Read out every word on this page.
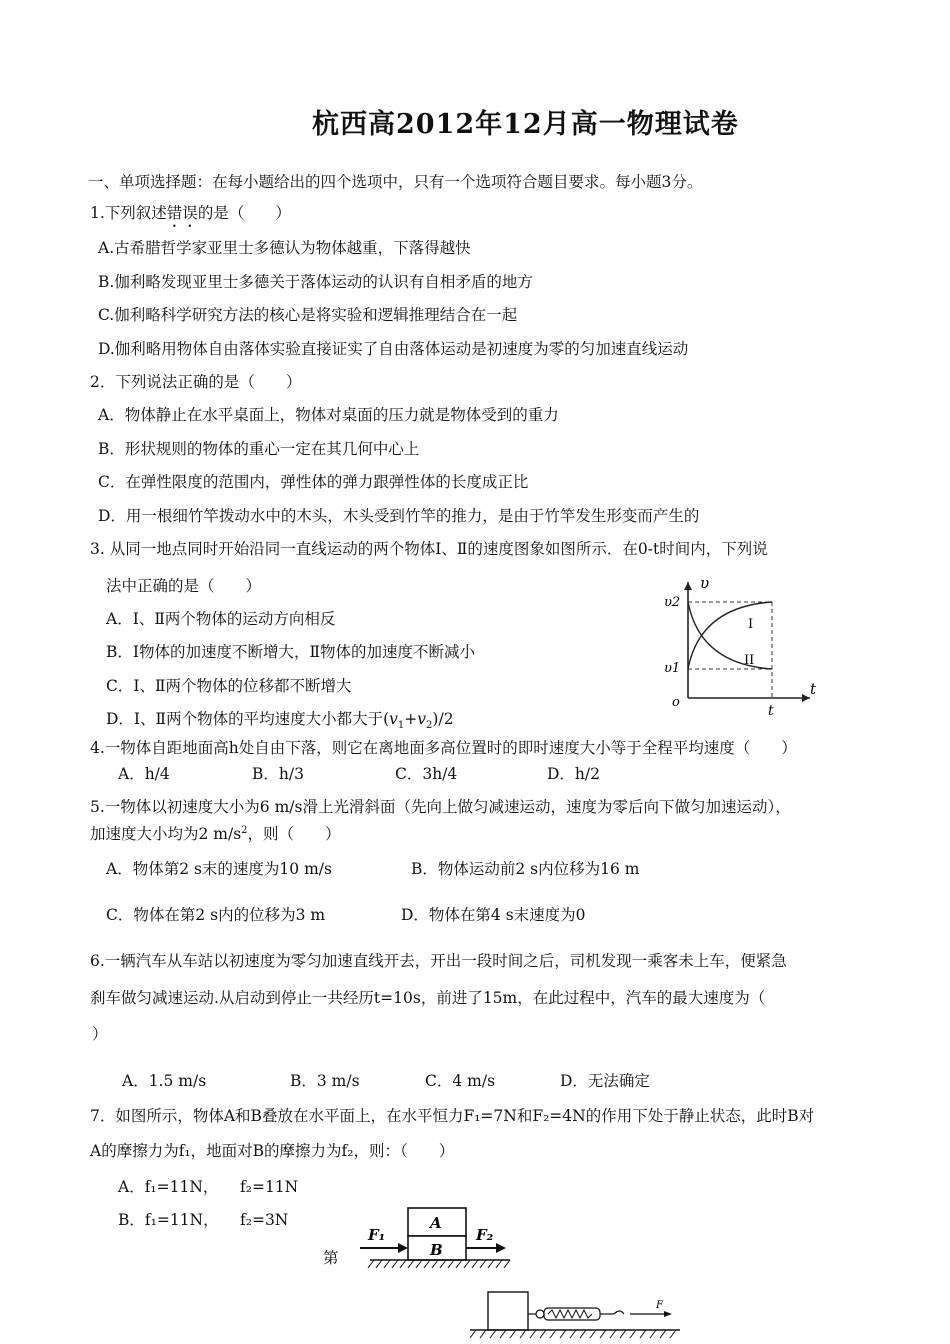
杭西高2012年12月高一物理试卷
一、单项选择题：在每小题给出的四个选项中，只有一个选项符合题目要求。每小题3分。
1.下列叙述错误的是（　　）
A.古希腊哲学家亚里士多德认为物体越重，下落得越快
B.伽利略发现亚里士多德关于落体运动的认识有自相矛盾的地方
C.伽利略科学研究方法的核心是将实验和逻辑推理结合在一起
D.伽利略用物体自由落体实验直接证实了自由落体运动是初速度为零的匀加速直线运动
2．下列说法正确的是（　　）
A．物体静止在水平桌面上，物体对桌面的压力就是物体受到的重力
B．形状规则的物体的重心一定在其几何中心上
C．在弹性限度的范围内，弹性体的弹力跟弹性体的长度成正比
D．用一根细竹竿拨动水中的木头，木头受到竹竿的推力，是由于竹竿发生形变而产生的
3. 从同一地点同时开始沿同一直线运动的两个物体Ⅰ、Ⅱ的速度图象如图所示．在0-t时间内，下列说
法中正确的是（　　）
A．Ⅰ、Ⅱ两个物体的运动方向相反
B．Ⅰ物体的加速度不断增大，Ⅱ物体的加速度不断减小
C．Ⅰ、Ⅱ两个物体的位移都不断增大
D．Ⅰ、Ⅱ两个物体的平均速度大小都大于$(v_1+v_2)/2$
υ
t
υ2
υ1
o
t
I
II
4.一物体自距地面高h处自由下落，则它在离地面多高位置时的即时速度大小等于全程平均速度（　　）
A．h/4	B．h/3	C．3h/4	D．h/2
5.一物体以初速度大小为6 m/s滑上光滑斜面（先向上做匀减速运动，速度为零后向下做匀加速运动），
加速度大小均为2 $m/s^2$，则（　　）
A．物体第2 s末的速度为10 m/s	B．物体运动前2 s内位移为16 m
C．物体在第2 s内的位移为3 m	D．物体在第4 s末速度为0
6.一辆汽车从车站以初速度为零匀加速直线开去，开出一段时间之后，司机发现一乘客未上车，便紧急
刹车做匀减速运动.从启动到停止一共经历t=10s，前进了15m，在此过程中，汽车的最大速度为（
）
A．1.5 m/s	B．3 m/s	C．4 m/s	D．无法确定
7．如图所示，物体A和B叠放在水平面上，在水平恒力F₁=7N和F₂=4N的作用下处于静止状态，此时B对
A的摩擦力为f₁，地面对B的摩擦力为f₂，则：（　　）
A．f₁=11N， f₂=11N
B．f₁=11N， f₂=3N
第
F₁	F₂
A
B
F
